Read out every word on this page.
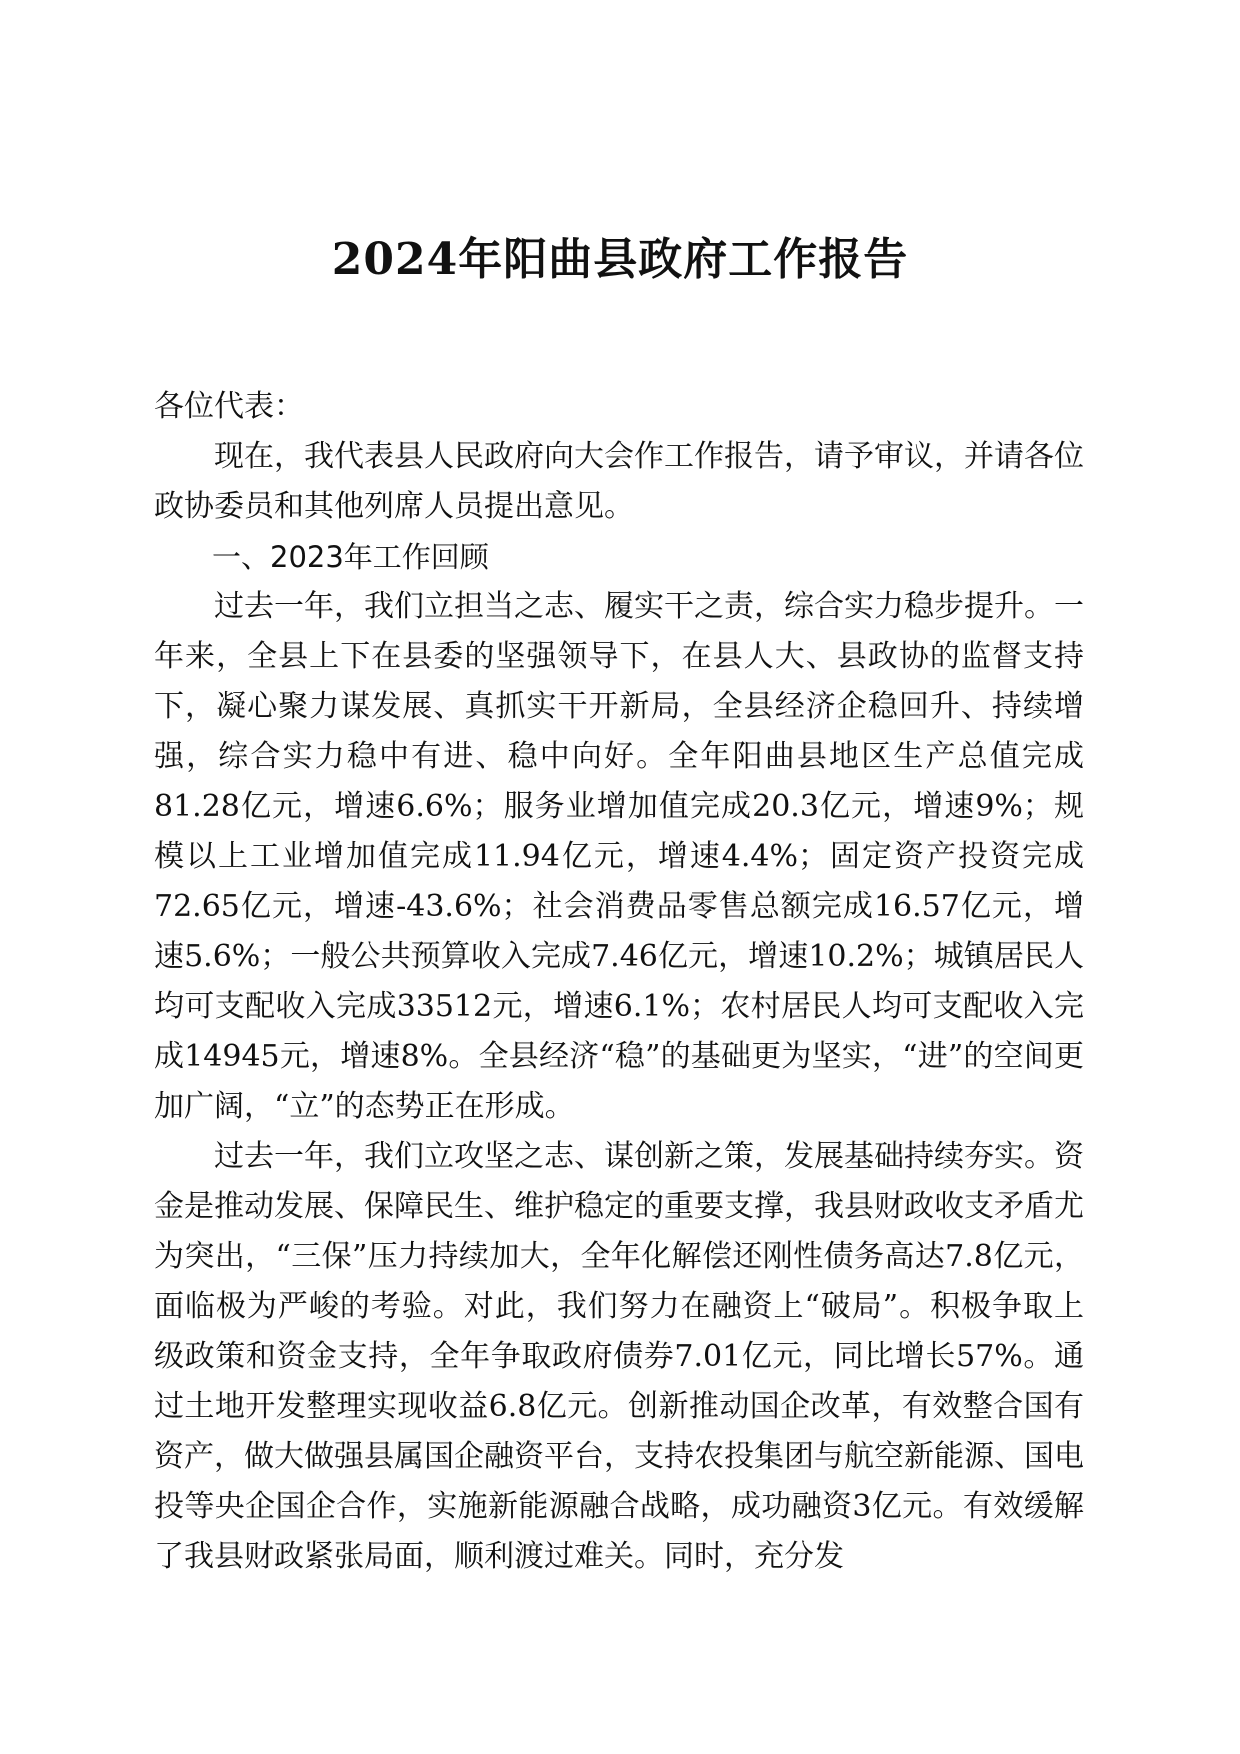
2024年阳曲县政府工作报告

各位代表：

现在，我代表县人民政府向大会作工作报告，请予审议，并请各位政协委员和其他列席人员提出意见。

一、2023年工作回顾

过去一年，我们立担当之志、履实干之责，综合实力稳步提升。一年来，全县上下在县委的坚强领导下，在县人大、县政协的监督支持下，凝心聚力谋发展、真抓实干开新局，全县经济企稳回升、持续增强，综合实力稳中有进、稳中向好。全年阳曲县地区生产总值完成81.28亿元，增速6.6%；服务业增加值完成20.3亿元，增速9%；规模以上工业增加值完成11.94亿元，增速4.4%；固定资产投资完成72.65亿元，增速-43.6%；社会消费品零售总额完成16.57亿元，增速5.6%；一般公共预算收入完成7.46亿元，增速10.2%；城镇居民人均可支配收入完成33512元，增速6.1%；农村居民人均可支配收入完成14945元，增速8%。全县经济“稳”的基础更为坚实，“进”的空间更加广阔，“立”的态势正在形成。

过去一年，我们立攻坚之志、谋创新之策，发展基础持续夯实。资金是推动发展、保障民生、维护稳定的重要支撑，我县财政收支矛盾尤为突出，“三保”压力持续加大，全年化解偿还刚性债务高达7.8亿元，面临极为严峻的考验。对此，我们努力在融资上“破局”。积极争取上级政策和资金支持，全年争取政府债券7.01亿元，同比增长57%。通过土地开发整理实现收益6.8亿元。创新推动国企改革，有效整合国有资产，做大做强县属国企融资平台，支持农投集团与航空新能源、国电投等央企国企合作，实施新能源融合战略，成功融资3亿元。有效缓解了我县财政紧张局面，顺利渡过难关。同时，充分发
